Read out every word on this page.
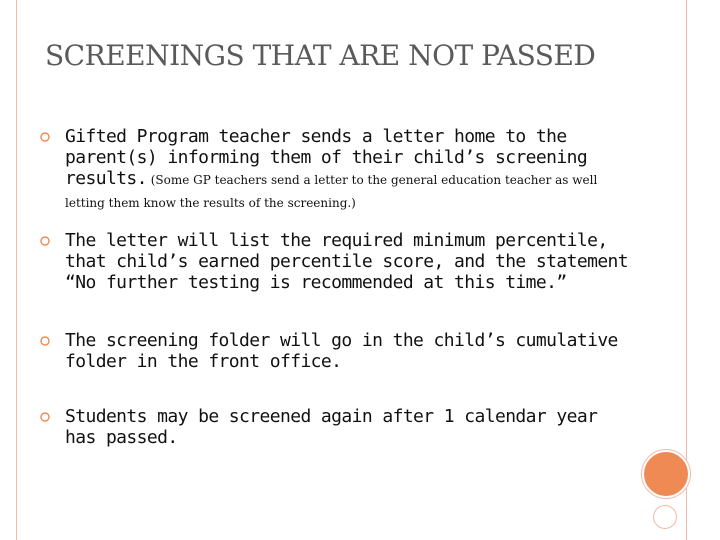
SCREENINGS THAT ARE NOT PASSED
Gifted Program teacher sends a letter home to the parent(s) informing them of their child’s screening results. (Some GP teachers send a letter to the general education teacher as well letting them know the results of the screening.)
The letter will list the required minimum percentile, that child’s earned percentile score, and the statement “No further testing is recommended at this time.”
The screening folder will go in the child’s cumulative folder in the front office.
Students may be screened again after 1 calendar year has passed.
